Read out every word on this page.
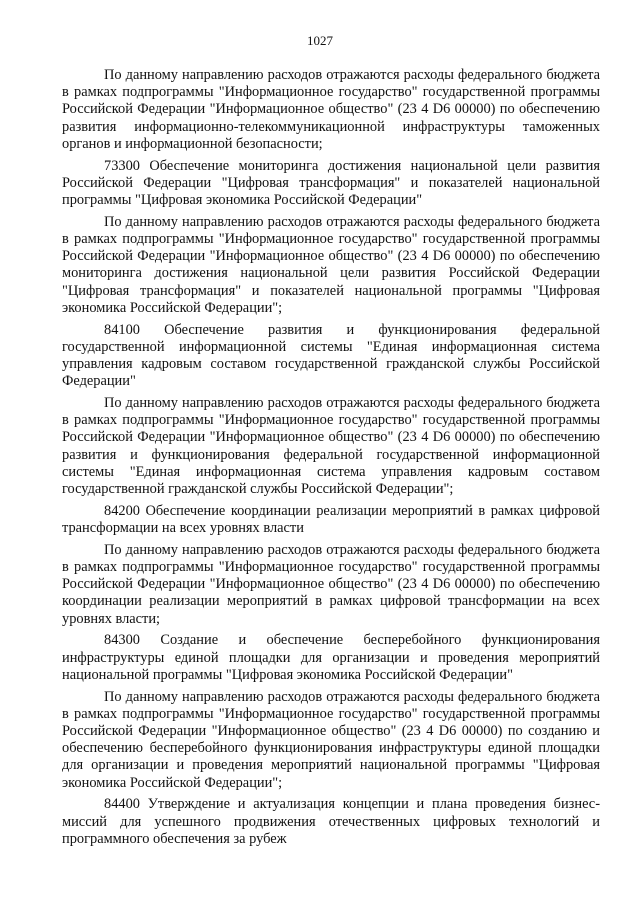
1027

По данному направлению расходов отражаются расходы федерального бюджета в рамках подпрограммы "Информационное государство" государственной программы Российской Федерации "Информационное общество" (23 4 D6 00000) по обеспечению развития информационно-телекоммуникационной инфраструктуры таможенных органов и информационной безопасности;

73300 Обеспечение мониторинга достижения национальной цели развития Российской Федерации "Цифровая трансформация" и показателей национальной программы "Цифровая экономика Российской Федерации"

По данному направлению расходов отражаются расходы федерального бюджета в рамках подпрограммы "Информационное государство" государственной программы Российской Федерации "Информационное общество" (23 4 D6 00000) по обеспечению мониторинга достижения национальной цели развития Российской Федерации "Цифровая трансформация" и показателей национальной программы "Цифровая экономика Российской Федерации";

84100 Обеспечение развития и функционирования федеральной государственной информационной системы "Единая информационная система управления кадровым составом государственной гражданской службы Российской Федерации"

По данному направлению расходов отражаются расходы федерального бюджета в рамках подпрограммы "Информационное государство" государственной программы Российской Федерации "Информационное общество" (23 4 D6 00000) по обеспечению развития и функционирования федеральной государственной информационной системы "Единая информационная система управления кадровым составом государственной гражданской службы Российской Федерации";

84200 Обеспечение координации реализации мероприятий в рамках цифровой трансформации на всех уровнях власти

По данному направлению расходов отражаются расходы федерального бюджета в рамках подпрограммы "Информационное государство" государственной программы Российской Федерации "Информационное общество" (23 4 D6 00000) по обеспечению координации реализации мероприятий в рамках цифровой трансформации на всех уровнях власти;

84300 Создание и обеспечение бесперебойного функционирования инфраструктуры единой площадки для организации и проведения мероприятий национальной программы "Цифровая экономика Российской Федерации"

По данному направлению расходов отражаются расходы федерального бюджета в рамках подпрограммы "Информационное государство" государственной программы Российской Федерации "Информационное общество" (23 4 D6 00000) по созданию и обеспечению бесперебойного функционирования инфраструктуры единой площадки для организации и проведения мероприятий национальной программы "Цифровая экономика Российской Федерации";

84400 Утверждение и актуализация концепции и плана проведения бизнес-миссий для успешного продвижения отечественных цифровых технологий и программного обеспечения за рубеж
